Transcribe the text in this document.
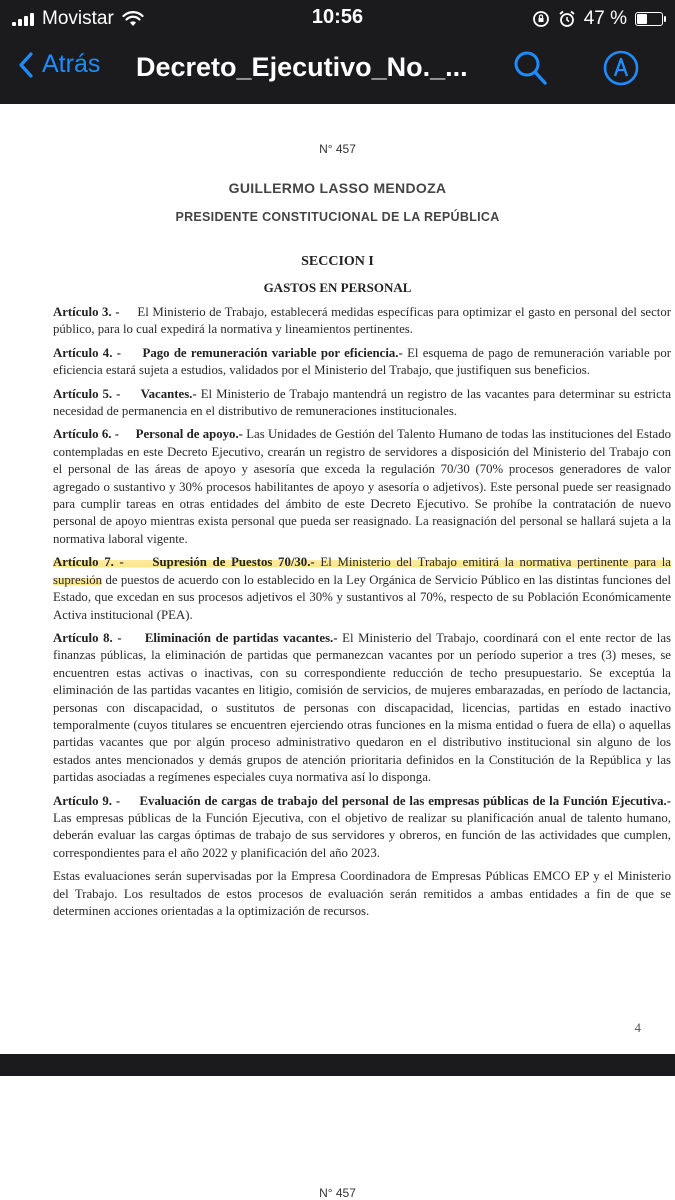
Movistar	10:56	47 %
Atrás Decreto_Ejecutivo_No._...
N° 457
GUILLERMO LASSO MENDOZA
PRESIDENTE CONSTITUCIONAL DE LA REPÚBLICA
SECCION I
GASTOS EN PERSONAL

Artículo 3. - El Ministerio de Trabajo, establecerá medidas específicas para optimizar el gasto en personal del sector público, para lo cual expedirá la normativa y lineamientos pertinentes.

Artículo 4. - Pago de remuneración variable por eficiencia.- El esquema de pago de remuneración variable por eficiencia estará sujeta a estudios, validados por el Ministerio del Trabajo, que justifiquen sus beneficios.

Artículo 5. - Vacantes.- El Ministerio de Trabajo mantendrá un registro de las vacantes para determinar su estricta necesidad de permanencia en el distributivo de remuneraciones institucionales.

Artículo 6. - Personal de apoyo.- Las Unidades de Gestión del Talento Humano de todas las instituciones del Estado contempladas en este Decreto Ejecutivo, crearán un registro de servidores a disposición del Ministerio del Trabajo con el personal de las áreas de apoyo y asesoría que exceda la regulación 70/30 (70% procesos generadores de valor agregado o sustantivo y 30% procesos habilitantes de apoyo y asesoría o adjetivos). Este personal puede ser reasignado para cumplir tareas en otras entidades del ámbito de este Decreto Ejecutivo. Se prohíbe la contratación de nuevo personal de apoyo mientras exista personal que pueda ser reasignado. La reasignación del personal se hallará sujeta a la normativa laboral vigente.

Artículo 7. - Supresión de Puestos 70/30.- El Ministerio del Trabajo emitirá la normativa pertinente para la supresión de puestos de acuerdo con lo establecido en la Ley Orgánica de Servicio Público en las distintas funciones del Estado, que excedan en sus procesos adjetivos el 30% y sustantivos al 70%, respecto de su Población Económicamente Activa institucional (PEA).

Artículo 8. - Eliminación de partidas vacantes.- El Ministerio del Trabajo, coordinará con el ente rector de las finanzas públicas, la eliminación de partidas que permanezcan vacantes por un período superior a tres (3) meses, se encuentren estas activas o inactivas, con su correspondiente reducción de techo presupuestario. Se exceptúa la eliminación de las partidas vacantes en litigio, comisión de servicios, de mujeres embarazadas, en período de lactancia, personas con discapacidad, o sustitutos de personas con discapacidad, licencias, partidas en estado inactivo temporalmente (cuyos titulares se encuentren ejerciendo otras funciones en la misma entidad o fuera de ella) o aquellas partidas vacantes que por algún proceso administrativo quedaron en el distributivo institucional sin alguno de los estados antes mencionados y demás grupos de atención prioritaria definidos en la Constitución de la República y las partidas asociadas a regímenes especiales cuya normativa así lo disponga.

Artículo 9. - Evaluación de cargas de trabajo del personal de las empresas públicas de la Función Ejecutiva.- Las empresas públicas de la Función Ejecutiva, con el objetivo de realizar su planificación anual de talento humano, deberán evaluar las cargas óptimas de trabajo de sus servidores y obreros, en función de las actividades que cumplen, correspondientes para el año 2022 y planificación del año 2023.

Estas evaluaciones serán supervisadas por la Empresa Coordinadora de Empresas Públicas EMCO EP y el Ministerio del Trabajo. Los resultados de estos procesos de evaluación serán remitidos a ambas entidades a fin de que se determinen acciones orientadas a la optimización de recursos.

4
N° 457
